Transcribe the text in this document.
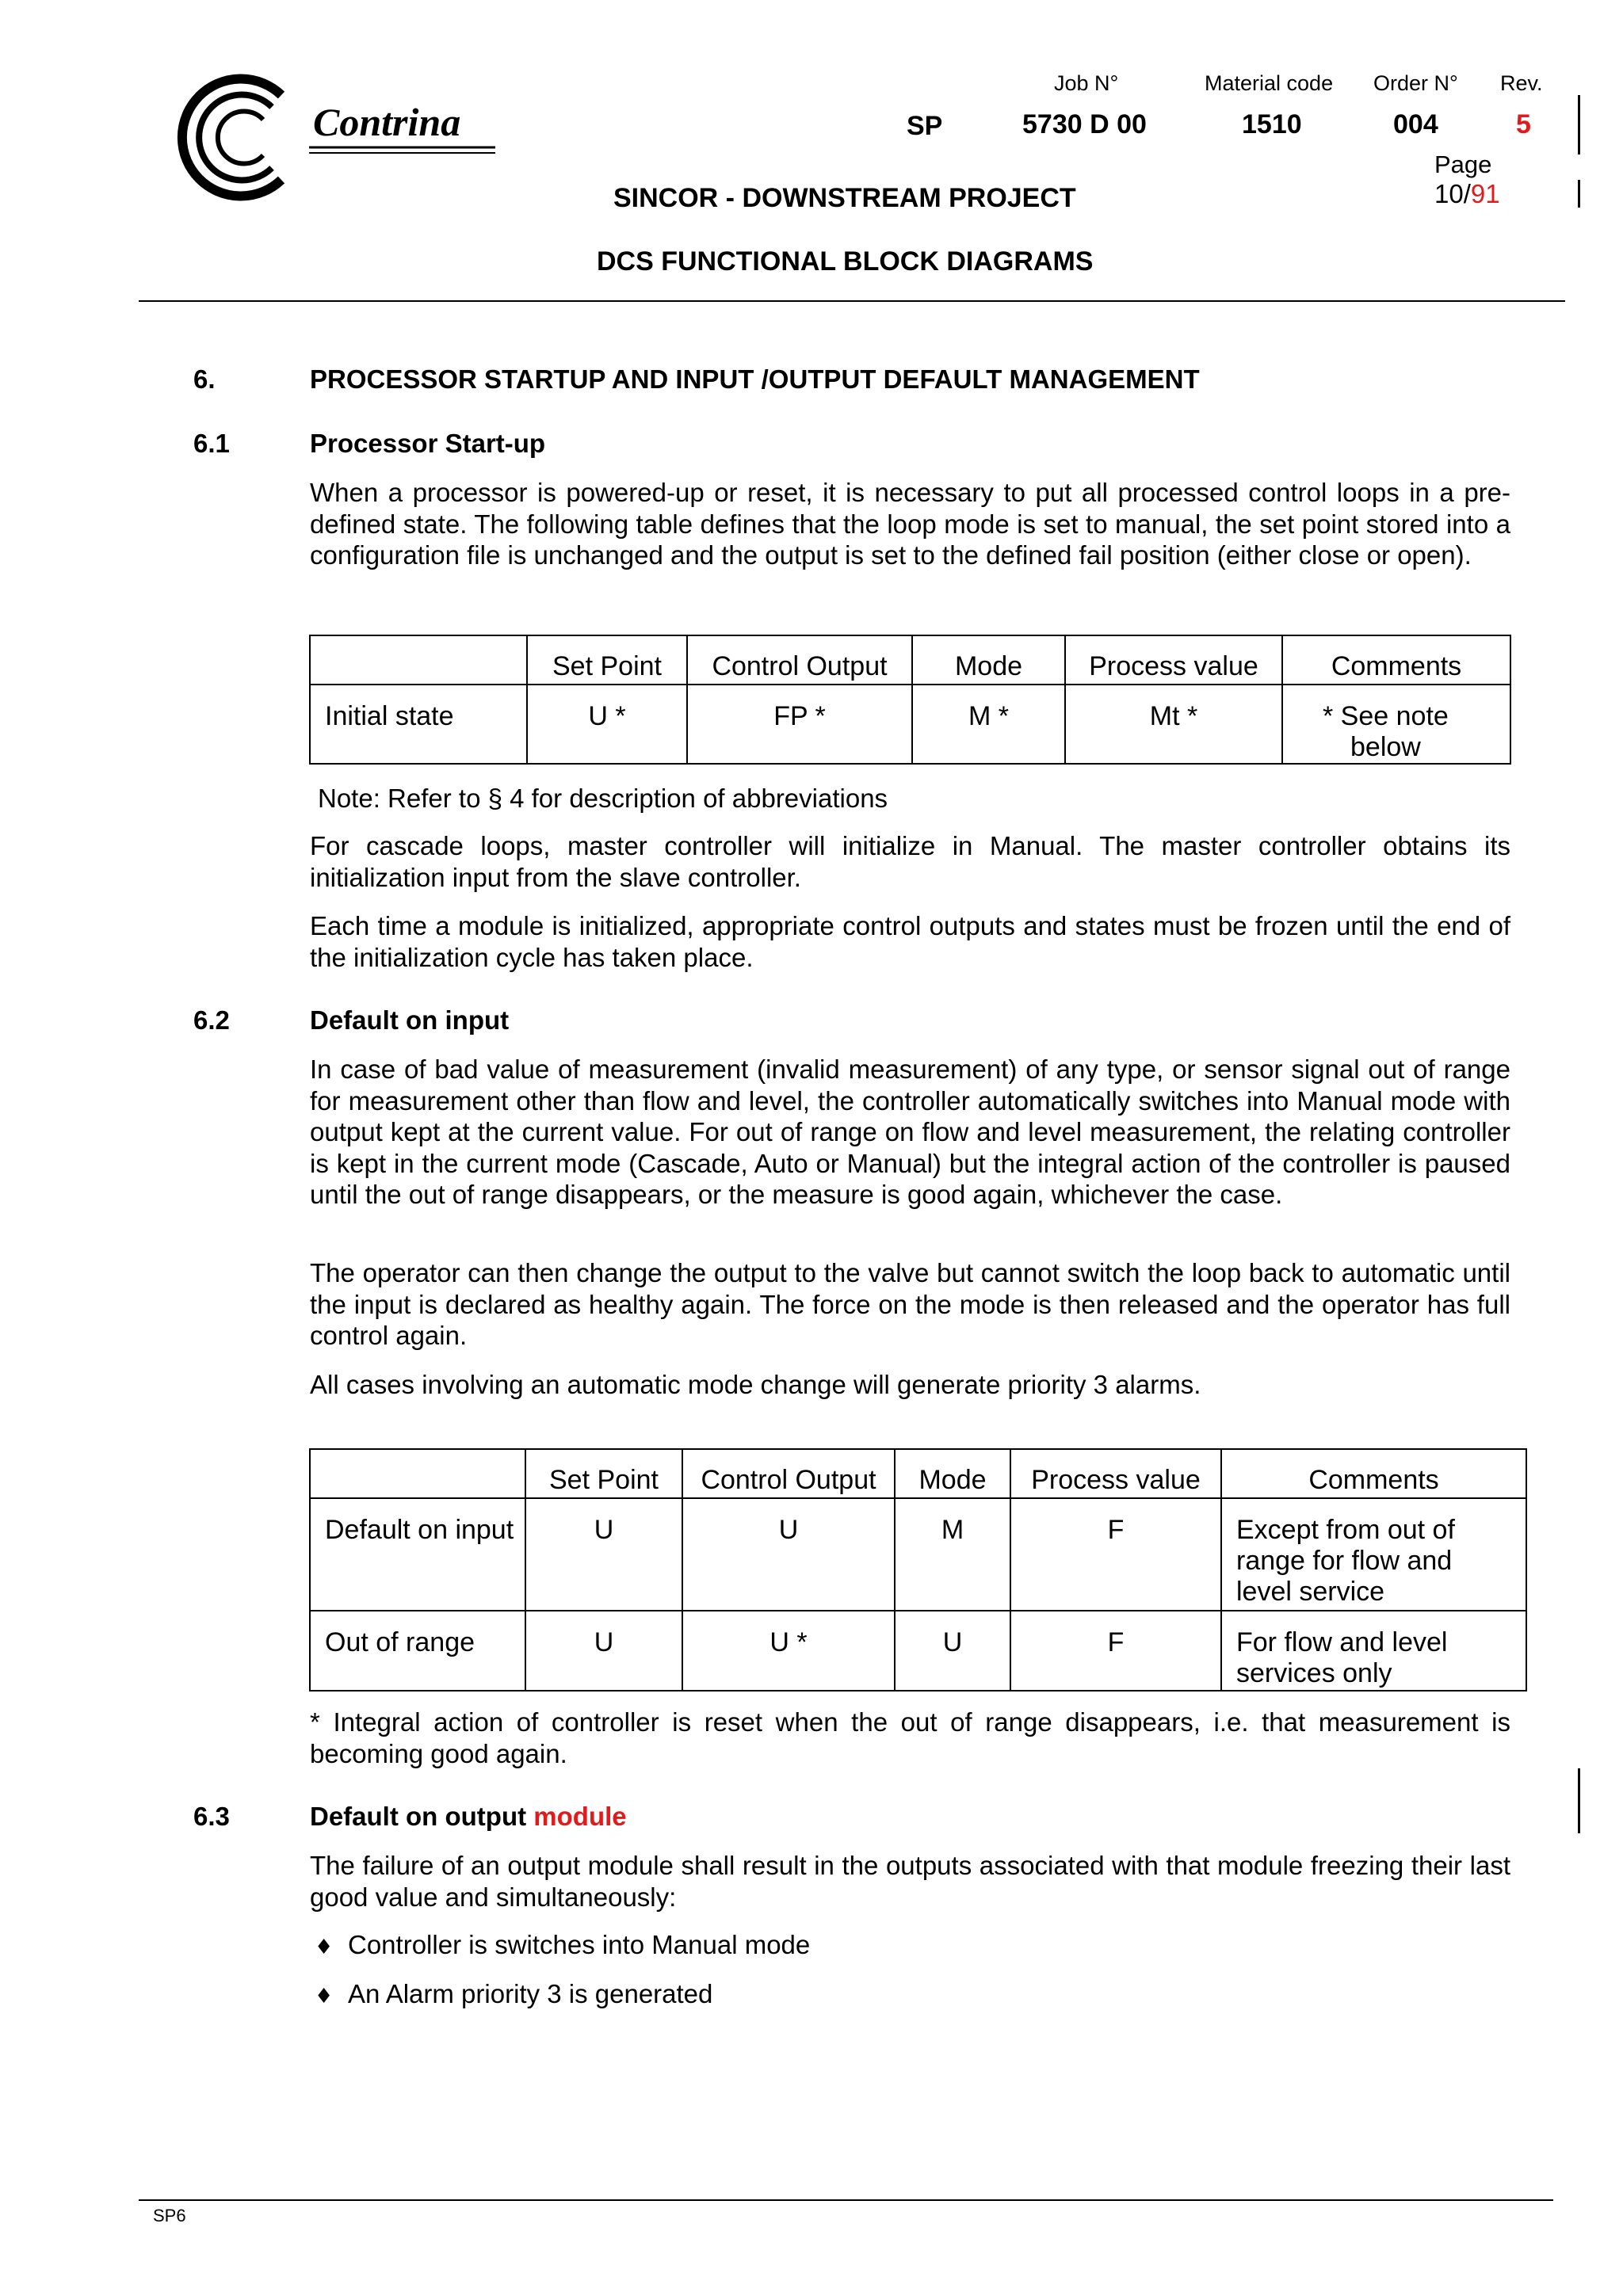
Contrina	SP
Job N°
5730 D 00
Material code
1510
Order N°
004
Rev.
5
Page
10/91
SINCOR - DOWNSTREAM PROJECT
DCS FUNCTIONAL BLOCK DIAGRAMS
6.	PROCESSOR STARTUP AND INPUT /OUTPUT DEFAULT MANAGEMENT
6.1	Processor Start-up
When a processor is powered-up or reset, it is necessary to put all processed control loops in a pre-defined state. The following table defines that the loop mode is set to manual, the set point stored into a configuration file is unchanged and the output is set to the defined fail position (either close or open).
	Set Point	Control Output	Mode	Process value	Comments
Initial state	U *	FP *	M *	Mt *	* See note
below
Note: Refer to § 4 for description of abbreviations
For cascade loops, master controller will initialize in Manual. The master controller obtains its initialization input from the slave controller.
Each time a module is initialized, appropriate control outputs and states must be frozen until the end of the initialization cycle has taken place.
6.2	Default on input
In case of bad value of measurement (invalid measurement) of any type, or sensor signal out of range for measurement other than flow and level, the controller automatically switches into Manual mode with output kept at the current value. For out of range on flow and level measurement, the relating controller is kept in the current mode (Cascade, Auto or Manual) but the integral action of the controller is paused until the out of range disappears, or the measure is good again, whichever the case.
The operator can then change the output to the valve but cannot switch the loop back to automatic until the input is declared as healthy again. The force on the mode is then released and the operator has full control again.
All cases involving an automatic mode change will generate priority 3 alarms.
	Set Point	Control Output	Mode	Process value	Comments
Default on input	U	U	M	F	Except from out of
range for flow and
level service

Out of range	U	U *	U	F	For flow and level
services only
* Integral action of controller is reset when the out of range disappears, i.e. that measurement is becoming good again.
6.3	Default on output module
The failure of an output module shall result in the outputs associated with that module freezing their last good value and simultaneously:
♦ Controller is switches into Manual mode
♦ An Alarm priority 3 is generated
SP6
